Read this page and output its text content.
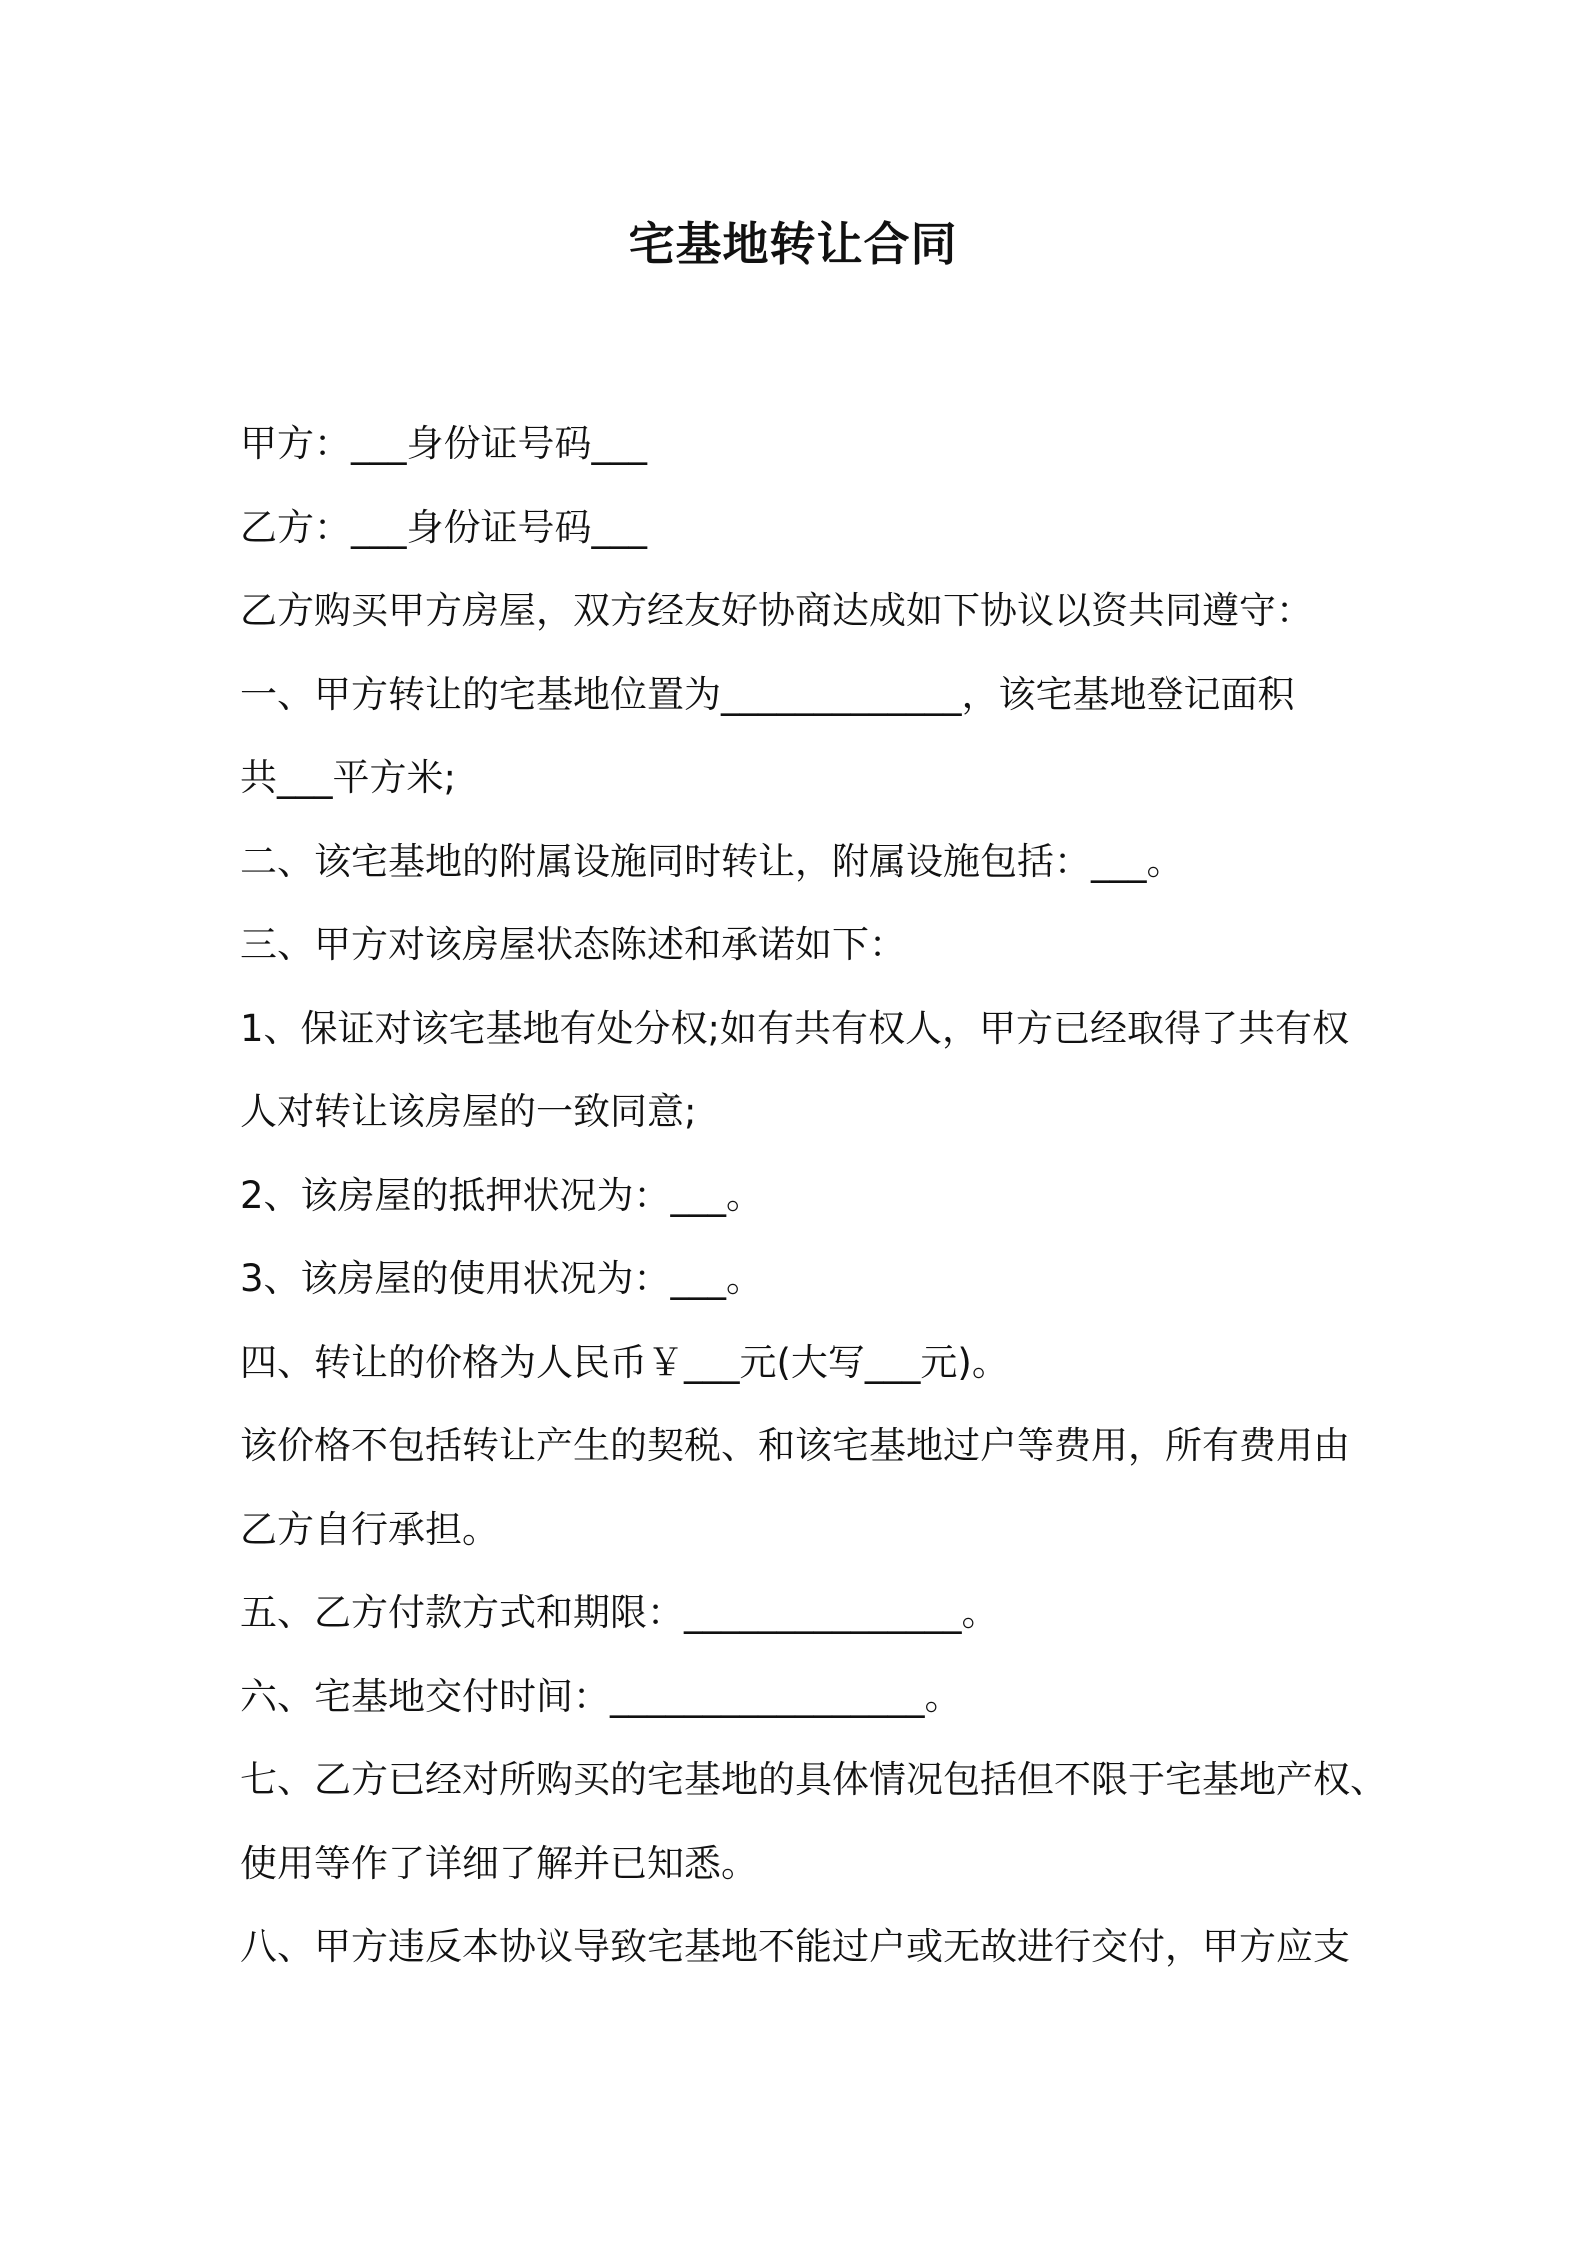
宅基地转让合同

甲方：___身份证号码___

乙方：___身份证号码___

乙方购买甲方房屋，双方经友好协商达成如下协议以资共同遵守：

一、甲方转让的宅基地位置为_____________，该宅基地登记面积

共___平方米;

二、该宅基地的附属设施同时转让，附属设施包括：___。

三、甲方对该房屋状态陈述和承诺如下：

1、保证对该宅基地有处分权;如有共有权人，甲方已经取得了共有权

人对转让该房屋的一致同意;

2、该房屋的抵押状况为：___。

3、该房屋的使用状况为：___。

四、转让的价格为人民币￥___元(大写___元)。

该价格不包括转让产生的契税、和该宅基地过户等费用，所有费用由

乙方自行承担。

五、乙方付款方式和期限：_______________。

六、宅基地交付时间：_________________。

七、乙方已经对所购买的宅基地的具体情况包括但不限于宅基地产权、

使用等作了详细了解并已知悉。

八、甲方违反本协议导致宅基地不能过户或无故进行交付，甲方应支
